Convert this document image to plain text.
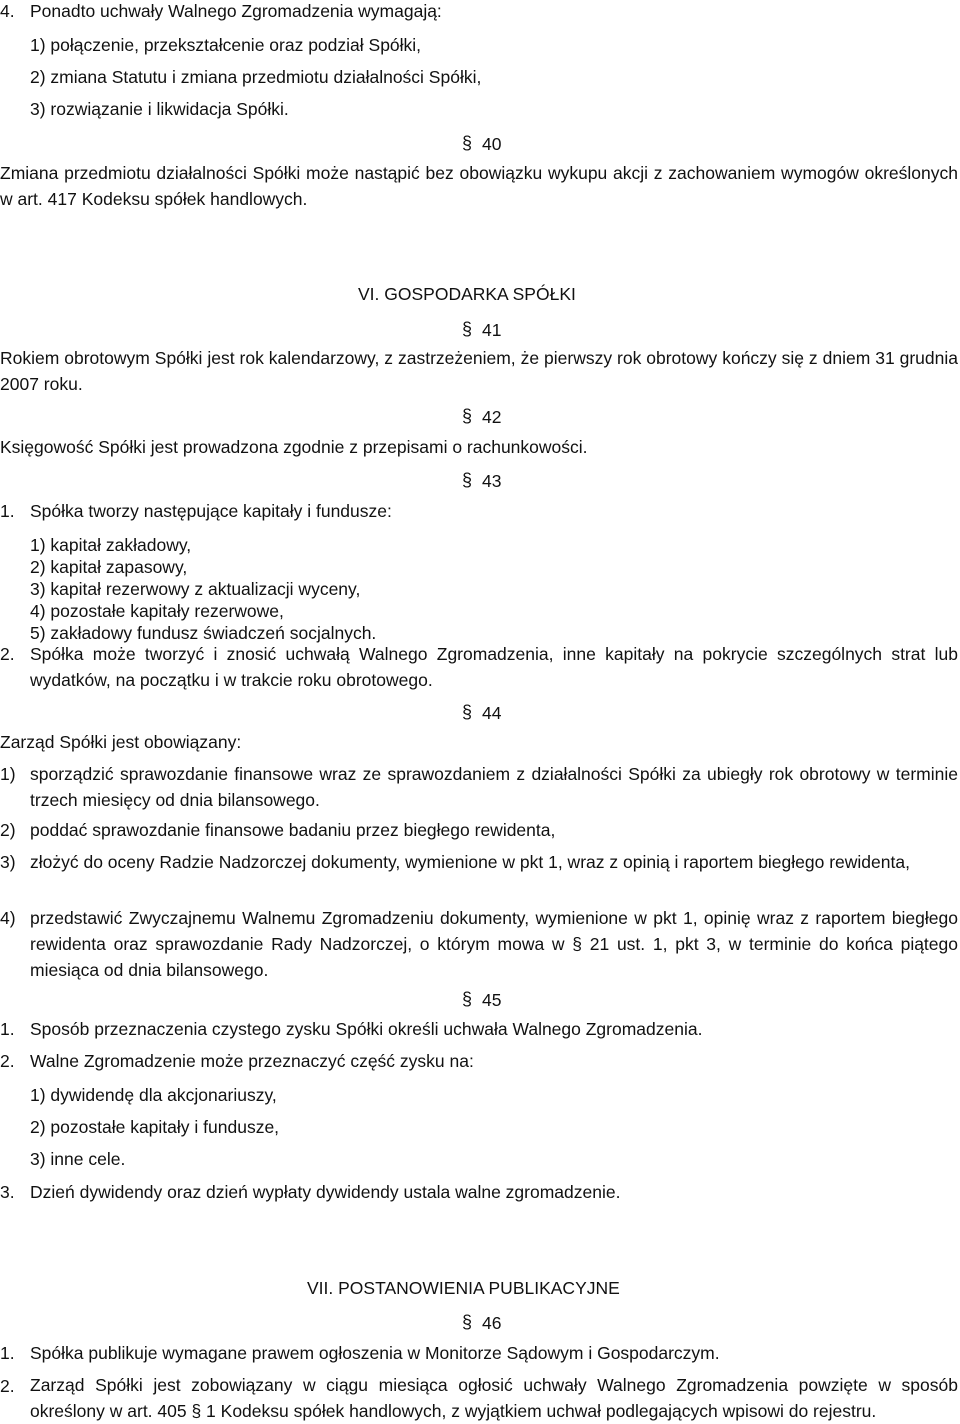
4. Ponadto uchwały Walnego Zgromadzenia wymagają:
1) połączenie, przekształcenie oraz podział Spółki,
2) zmiana Statutu i zmiana przedmiotu działalności Spółki,
3) rozwiązanie i likwidacja Spółki.
§ 40
Zmiana przedmiotu działalności Spółki może nastąpić bez obowiązku wykupu akcji z zachowaniem wymogów określonych w art. 417 Kodeksu spółek handlowych.
VI. GOSPODARKA SPÓŁKI
§ 41
Rokiem obrotowym Spółki jest rok kalendarzowy, z zastrzeżeniem, że pierwszy rok obrotowy kończy się z dniem 31 grudnia 2007 roku.
§ 42
Księgowość Spółki jest prowadzona zgodnie z przepisami o rachunkowości.
§ 43
1. Spółka tworzy następujące kapitały i fundusze:
1) kapitał zakładowy,
2) kapitał zapasowy,
3) kapitał rezerwowy z aktualizacji wyceny,
4) pozostałe kapitały rezerwowe,
5) zakładowy fundusz świadczeń socjalnych.
2. Spółka może tworzyć i znosić uchwałą Walnego Zgromadzenia, inne kapitały na pokrycie szczególnych strat lub wydatków, na początku i w trakcie roku obrotowego.
§ 44
Zarząd Spółki jest obowiązany:
1) sporządzić sprawozdanie finansowe wraz ze sprawozdaniem z działalności Spółki za ubiegły rok obrotowy w terminie trzech miesięcy od dnia bilansowego.
2) poddać sprawozdanie finansowe badaniu przez biegłego rewidenta,
3) złożyć do oceny Radzie Nadzorczej dokumenty, wymienione w pkt 1, wraz z opinią i raportem biegłego rewidenta,
4) przedstawić Zwyczajnemu Walnemu Zgromadzeniu dokumenty, wymienione w pkt 1, opinię wraz z raportem biegłego rewidenta oraz sprawozdanie Rady Nadzorczej, o którym mowa w § 21 ust. 1, pkt 3, w terminie do końca piątego miesiąca od dnia bilansowego.
§ 45
1. Sposób przeznaczenia czystego zysku Spółki określi uchwała Walnego Zgromadzenia.
2. Walne Zgromadzenie może przeznaczyć część zysku na:
1) dywidendę dla akcjonariuszy,
2) pozostałe kapitały i fundusze,
3) inne cele.
3. Dzień dywidendy oraz dzień wypłaty dywidendy ustala walne zgromadzenie.
VII. POSTANOWIENIA PUBLIKACYJNE
§ 46
1. Spółka publikuje wymagane prawem ogłoszenia w Monitorze Sądowym i Gospodarczym.
2. Zarząd Spółki jest zobowiązany w ciągu miesiąca ogłosić uchwały Walnego Zgromadzenia powzięte w sposób określony w art. 405 § 1 Kodeksu spółek handlowych, z wyjątkiem uchwał podlegających wpisowi do rejestru.
